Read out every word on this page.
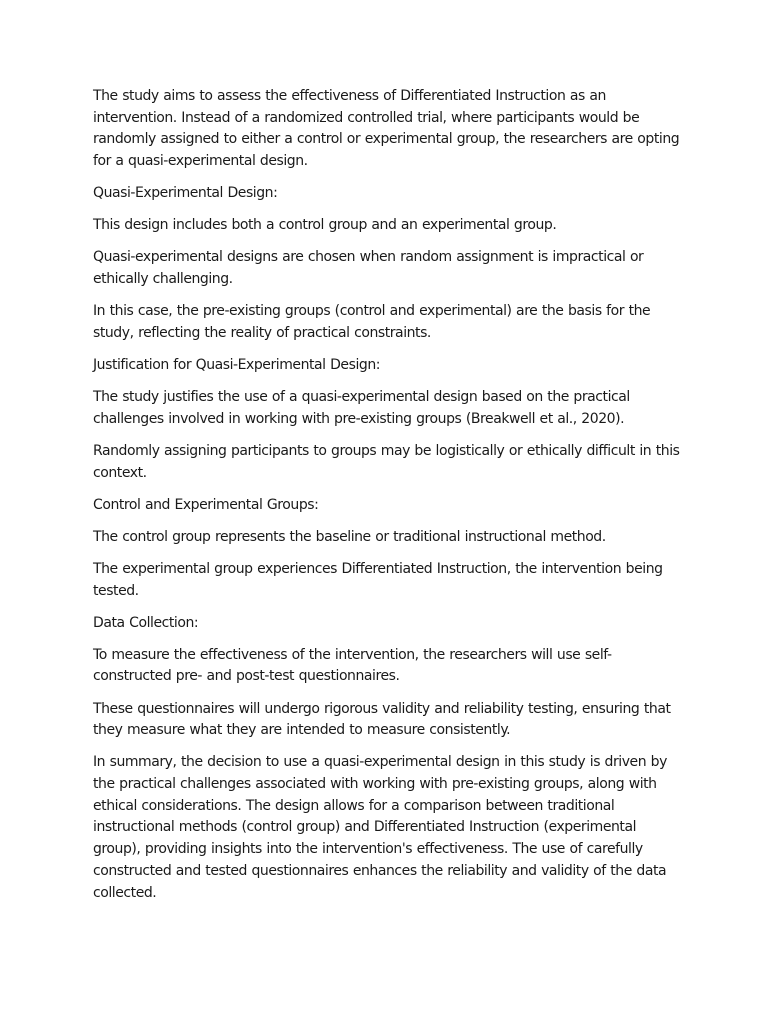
The study aims to assess the effectiveness of Differentiated Instruction as an intervention. Instead of a randomized controlled trial, where participants would be randomly assigned to either a control or experimental group, the researchers are opting for a quasi-experimental design.

Quasi-Experimental Design:

This design includes both a control group and an experimental group.

Quasi-experimental designs are chosen when random assignment is impractical or ethically challenging.

In this case, the pre-existing groups (control and experimental) are the basis for the study, reflecting the reality of practical constraints.

Justification for Quasi-Experimental Design:

The study justifies the use of a quasi-experimental design based on the practical challenges involved in working with pre-existing groups (Breakwell et al., 2020).

Randomly assigning participants to groups may be logistically or ethically difficult in this context.

Control and Experimental Groups:

The control group represents the baseline or traditional instructional method.

The experimental group experiences Differentiated Instruction, the intervention being tested.

Data Collection:

To measure the effectiveness of the intervention, the researchers will use self-constructed pre- and post-test questionnaires.

These questionnaires will undergo rigorous validity and reliability testing, ensuring that they measure what they are intended to measure consistently.

In summary, the decision to use a quasi-experimental design in this study is driven by the practical challenges associated with working with pre-existing groups, along with ethical considerations. The design allows for a comparison between traditional instructional methods (control group) and Differentiated Instruction (experimental group), providing insights into the intervention's effectiveness. The use of carefully constructed and tested questionnaires enhances the reliability and validity of the data collected.
